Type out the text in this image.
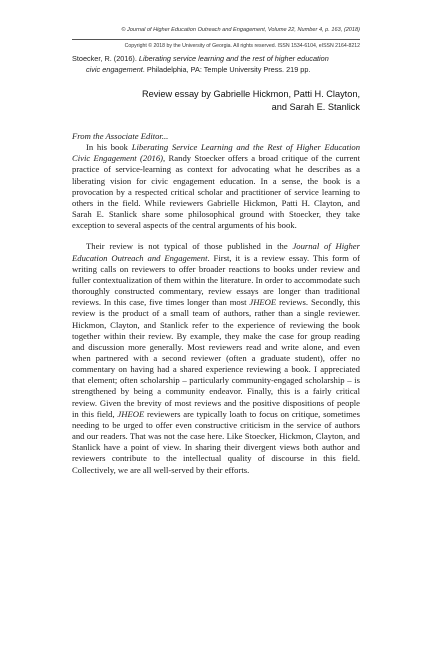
© Journal of Higher Education Outreach and Engagement, Volume 22, Number 4, p. 163, (2018)
Copyright © 2018 by the University of Georgia. All rights reserved. ISSN 1534-6104, eISSN 2164-8212
Stoecker, R. (2016). Liberating service learning and the rest of higher education
civic engagement. Philadelphia, PA: Temple University Press. 219 pp.
Review essay by Gabrielle Hickmon, Patti H. Clayton,
and Sarah E. Stanlick

From the Associate Editor...

In his book Liberating Service Learning and the Rest of Higher Education Civic Engagement (2016), Randy Stoecker offers a broad critique of the current practice of service-learning as context for advocating what he describes as a liberating vision for civic engagement education. In a sense, the book is a provocation by a respected critical scholar and practitioner of service learning to others in the field. While reviewers Gabrielle Hickmon, Patti H. Clayton, and Sarah E. Stanlick share some philosophical ground with Stoecker, they take exception to several aspects of the central arguments of his book.

Their review is not typical of those published in the Journal of Higher Education Outreach and Engagement. First, it is a review essay. This form of writing calls on reviewers to offer broader reactions to books under review and fuller contextualization of them within the literature. In order to accommodate such thoroughly constructed commentary, review essays are longer than traditional reviews. In this case, five times longer than most JHEOE reviews. Secondly, this review is the product of a small team of authors, rather than a single reviewer. Hickmon, Clayton, and Stanlick refer to the experience of reviewing the book together within their review. By example, they make the case for group reading and discussion more generally. Most reviewers read and write alone, and even when partnered with a second reviewer (often a graduate student), offer no commentary on having had a shared experience reviewing a book. I appreciated that element; often scholarship – particularly community-engaged scholarship – is strengthened by being a community endeavor. Finally, this is a fairly critical review. Given the brevity of most reviews and the positive dispositions of people in this field, JHEOE reviewers are typically loath to focus on critique, sometimes needing to be urged to offer even constructive criticism in the service of authors and our readers. That was not the case here. Like Stoecker, Hickmon, Clayton, and Stanlick have a point of view. In sharing their divergent views both author and reviewers contribute to the intellectual quality of discourse in this field. Collectively, we are all well-served by their efforts.
